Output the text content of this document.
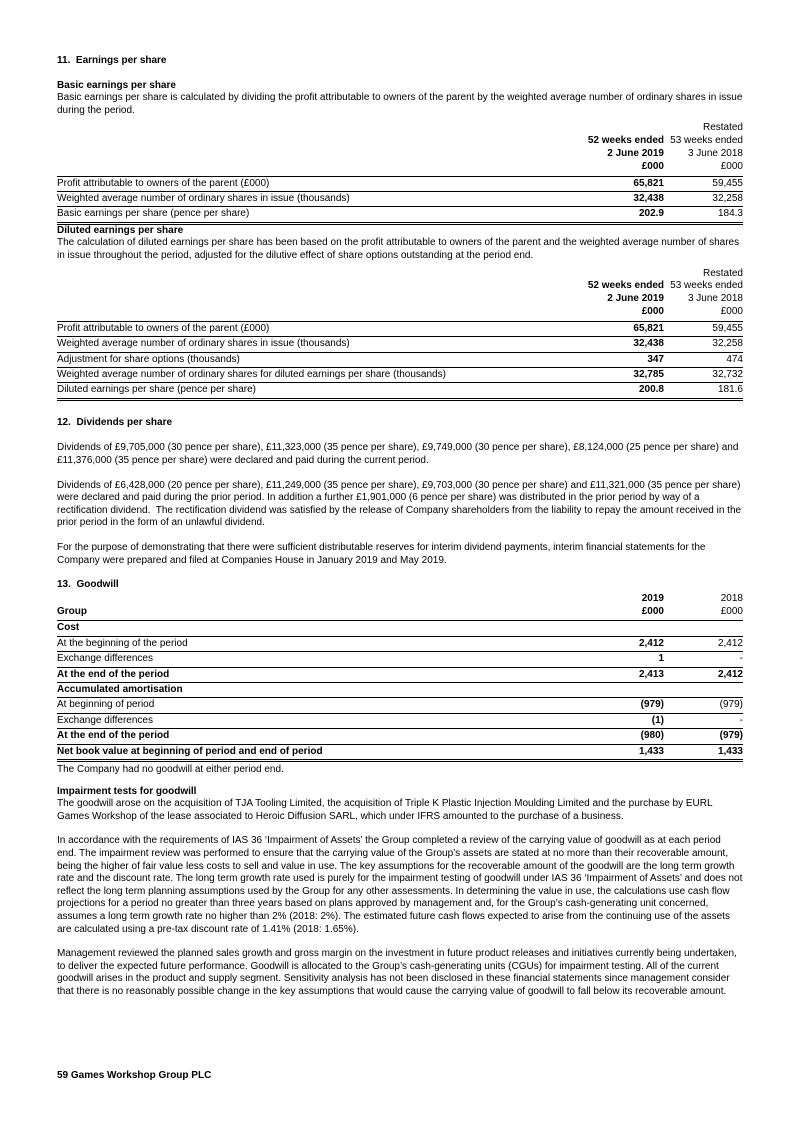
11.  Earnings per share
Basic earnings per share

Basic earnings per share is calculated by dividing the profit attributable to owners of the parent by the weighted average number of ordinary shares in issue during the period.

		Restated
	52 weeks ended	53 weeks ended
	2 June 2019	3 June 2018
	£000	£000
Profit attributable to owners of the parent (£000)	65,821	59,455
Weighted average number of ordinary shares in issue (thousands)	32,438	32,258
Basic earnings per share (pence per share)	202.9	184.3
Diluted earnings per share

The calculation of diluted earnings per share has been based on the profit attributable to owners of the parent and the weighted average number of shares in issue throughout the period, adjusted for the dilutive effect of share options outstanding at the period end.

		Restated
	52 weeks ended	53 weeks ended
	2 June 2019	3 June 2018
	£000	£000
Profit attributable to owners of the parent (£000)	65,821	59,455
Weighted average number of ordinary shares in issue (thousands)	32,438	32,258
Adjustment for share options (thousands)	347	474
Weighted average number of ordinary shares for diluted earnings per share (thousands)	32,785	32,732
Diluted earnings per share (pence per share)	200.8	181.6
12.  Dividends per share

Dividends of £9,705,000 (30 pence per share), £11,323,000 (35 pence per share), £9,749,000 (30 pence per share), £8,124,000 (25 pence per share) and £11,376,000 (35 pence per share) were declared and paid during the current period.

Dividends of £6,428,000 (20 pence per share), £11,249,000 (35 pence per share), £9,703,000 (30 pence per share) and £11,321,000 (35 pence per share) were declared and paid during the prior period. In addition a further £1,901,000 (6 pence per share) was distributed in the prior period by way of a rectification dividend.  The rectification dividend was satisfied by the release of Company shareholders from the liability to repay the amount received in the prior period in the form of an unlawful dividend.

For the purpose of demonstrating that there were sufficient distributable reserves for interim dividend payments, interim financial statements for the Company were prepared and filed at Companies House in January 2019 and May 2019.

13.  Goodwill
	2019	2018
Group	£000	£000
Cost		
At the beginning of the period	2,412	2,412
Exchange differences	1	-
At the end of the period	2,413	2,412
Accumulated amortisation		
At beginning of period	(979)	(979)
Exchange differences	(1)	-
At the end of the period	(980)	(979)
Net book value at beginning of period and end of period	1,433	1,433

The Company had no goodwill at either period end.

Impairment tests for goodwill

The goodwill arose on the acquisition of TJA Tooling Limited, the acquisition of Triple K Plastic Injection Moulding Limited and the purchase by EURL Games Workshop of the lease associated to Heroic Diffusion SARL, which under IFRS amounted to the purchase of a business.

In accordance with the requirements of IAS 36 ‘Impairment of Assets’ the Group completed a review of the carrying value of goodwill as at each period end. The impairment review was performed to ensure that the carrying value of the Group’s assets are stated at no more than their recoverable amount, being the higher of fair value less costs to sell and value in use. The key assumptions for the recoverable amount of the goodwill are the long term growth rate and the discount rate. The long term growth rate used is purely for the impairment testing of goodwill under IAS 36 ‘Impairment of Assets’ and does not reflect the long term planning assumptions used by the Group for any other assessments. In determining the value in use, the calculations use cash flow projections for a period no greater than three years based on plans approved by management and, for the Group’s cash-generating unit concerned, assumes a long term growth rate no higher than 2% (2018: 2%). The estimated future cash flows expected to arise from the continuing use of the assets are calculated using a pre-tax discount rate of 1.41% (2018: 1.65%).

Management reviewed the planned sales growth and gross margin on the investment in future product releases and initiatives currently being undertaken, to deliver the expected future performance. Goodwill is allocated to the Group’s cash-generating units (CGUs) for impairment testing. All of the current goodwill arises in the product and supply segment. Sensitivity analysis has not been disclosed in these financial statements since management consider that there is no reasonably possible change in the key assumptions that would cause the carrying value of goodwill to fall below its recoverable amount.

59 Games Workshop Group PLC
